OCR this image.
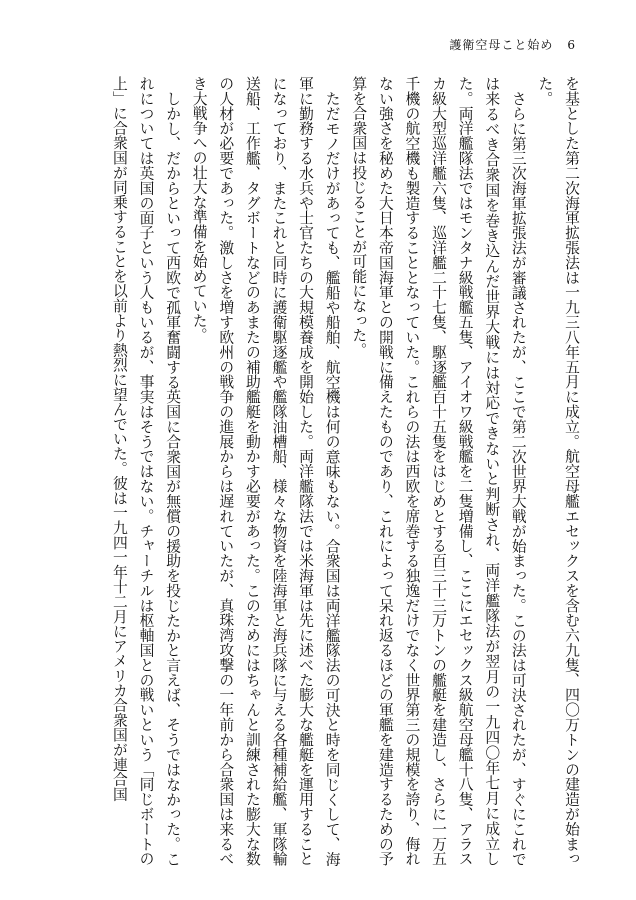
護衛空母こと始め 6

を基とした第二次海軍拡張法は一九三八年五月に成立。航空母艦エセックスを含む六九隻、四〇万トンの建造が始まった。

さらに第三次海軍拡張法が審議されたが、ここで第二次世界大戦が始まった。この法は可決されたが、すぐにこれでは来るべき合衆国を巻き込んだ世界大戦には対応できないと判断され、両洋艦隊法が翌月の一九四〇年七月に成立した。両洋艦隊法ではモンタナ級戦艦五隻、アイオワ級戦艦を二隻増備し、ここにエセックス級航空母艦十八隻、アラスカ級大型巡洋艦六隻、巡洋艦二十七隻、駆逐艦百十五隻をはじめとする百三十三万トンの艦艇を建造し、さらに一万五千機の航空機も製造することとなっていた。これらの法は西欧を席巻する独逸だけでなく世界第三の規模を誇り、侮れない強さを秘めた大日本帝国海軍との開戦に備えたものであり、これによって呆れ返るほどの軍艦を建造するための予算を合衆国は投じることが可能になった。

ただモノだけがあっても、艦船や船舶、航空機は何の意味もない。合衆国は両洋艦隊法の可決と時を同じくして、海軍に勤務する水兵や士官たちの大規模養成を開始した。両洋艦隊法では米海軍は先に述べた膨大な艦艇を運用することになっており、またこれと同時に護衛駆逐艦や艦隊油槽船、様々な物資を陸海軍と海兵隊に与える各種補給艦、軍隊輸送船、工作艦、タグボートなどのあまたの補助艦艇を動かす必要があった。このためにはちゃんと訓練された膨大な数の人材が必要であった。激しさを増す欧州の戦争の進展からは遅れていたが、真珠湾攻撃の一年前から合衆国は来るべき大戦争への壮大な準備を始めていた。

しかし、だからといって西欧で孤軍奮闘する英国に合衆国が無償の援助を投じたかと言えば、そうではなかった。これについては英国の面子という人もいるが、事実はそうではない。チャーチルは枢軸国との戦いという「同じボートの上」に合衆国が同乗することを以前より熱烈に望んでいた。彼は一九四一年十二月にアメリカ合衆国が連合国
